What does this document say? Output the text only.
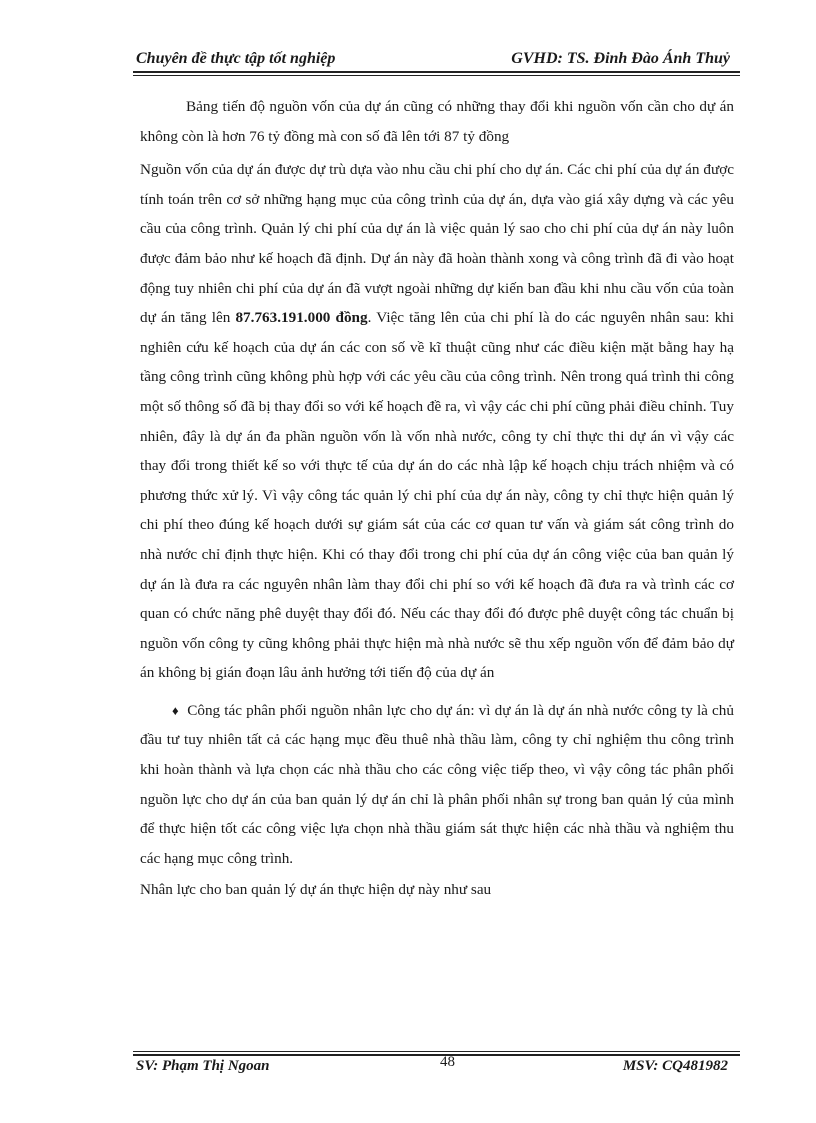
Chuyên đề thực tập tốt nghiệp	GVHD: TS. Đinh Đào Ánh Thuỷ

Bảng tiến độ nguồn vốn của dự án cũng có những thay đổi khi nguồn vốn cần cho dự án không còn là hơn 76 tỷ đồng mà con số đã lên tới 87 tỷ đồng

Nguồn vốn của dự án được dự trù dựa vào nhu cầu chi phí cho dự án. Các chi phí của dự án được tính toán trên cơ sở những hạng mục của công trình của dự án, dựa vào giá xây dựng và các yêu cầu của công trình. Quản lý chi phí của dự án là việc quản lý sao cho chi phí của dự án này luôn được đảm bảo như kế hoạch đã định. Dự án này đã hoàn thành xong và công trình đã đi vào hoạt động tuy nhiên chi phí của dự án đã vượt ngoài những dự kiến ban đầu khi nhu cầu vốn của toàn dự án tăng lên 87.763.191.000 đồng. Việc tăng lên của chi phí là do các nguyên nhân sau: khi nghiên cứu kế hoạch của dự án các con số về kĩ thuật cũng như các điều kiện mặt bằng hay hạ tầng công trình cũng không phù hợp với các yêu cầu của công trình. Nên trong quá trình thi công một số thông số đã bị thay đổi so với kế hoạch đề ra, vì vậy các chi phí cũng phải điều chỉnh. Tuy nhiên, đây là dự án đa phần nguồn vốn là vốn nhà nước, công ty chỉ thực thi dự án vì vậy các thay đổi trong thiết kế so với thực tế của dự án do các nhà lập kế hoạch chịu trách nhiệm và có phương thức xử lý. Vì vậy công tác quản lý chi phí của dự án này, công ty chỉ thực hiện quản lý chi phí theo đúng kế hoạch dưới sự giám sát của các cơ quan tư vấn và giám sát công trình do nhà nước chỉ định thực hiện. Khi có thay đổi trong chi phí của dự án công việc của ban quản lý dự án là đưa ra các nguyên nhân làm thay đổi chi phí so với kế hoạch đã đưa ra và trình các cơ quan có chức năng phê duyệt thay đổi đó. Nếu các thay đổi đó được phê duyệt công tác chuẩn bị nguồn vốn công ty cũng không phải thực hiện mà nhà nước sẽ thu xếp nguồn vốn để đảm bảo dự án không bị gián đoạn lâu ảnh hưởng tới tiến độ của dự án

♦ Công tác phân phối nguồn nhân lực cho dự án: vì dự án là dự án nhà nước công ty là chủ đầu tư tuy nhiên tất cả các hạng mục đều thuê nhà thầu làm, công ty chỉ nghiệm thu công trình khi hoàn thành và lựa chọn các nhà thầu cho các công việc tiếp theo, vì vậy công tác phân phối nguồn lực cho dự án của ban quản lý dự án chỉ là phân phối nhân sự trong ban quản lý của mình để thực hiện tốt các công việc lựa chọn nhà thầu giám sát thực hiện các nhà thầu và nghiệm thu các hạng mục công trình.

Nhân lực cho ban quản lý dự án thực hiện dự này như sau

SV: Phạm Thị Ngoan	MSV: CQ481982
48
